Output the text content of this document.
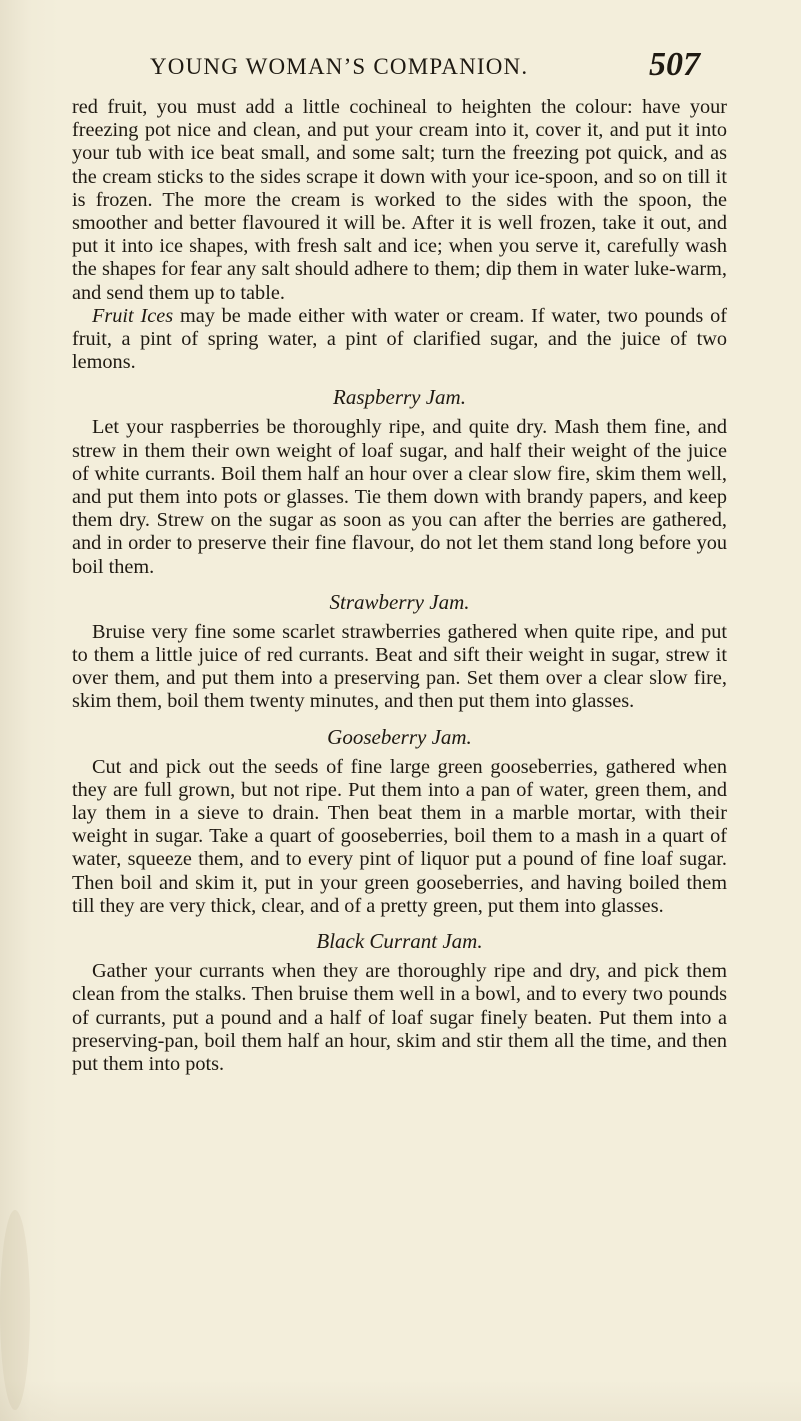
YOUNG WOMAN’S COMPANION.	507

red fruit, you must add a little cochineal to heighten the colour: have your freezing pot nice and clean, and put your cream into it, cover it, and put it into your tub with ice beat small, and some salt; turn the freezing pot quick, and as the cream sticks to the sides scrape it down with your ice-spoon, and so on till it is frozen. The more the cream is worked to the sides with the spoon, the smoother and better flavoured it will be. After it is well frozen, take it out, and put it into ice shapes, with fresh salt and ice; when you serve it, carefully wash the shapes for fear any salt should adhere to them; dip them in water luke-warm, and send them up to table.

Fruit Ices may be made either with water or cream. If water, two pounds of fruit, a pint of spring water, a pint of clarified sugar, and the juice of two lemons.

Raspberry Jam.

Let your raspberries be thoroughly ripe, and quite dry. Mash them fine, and strew in them their own weight of loaf sugar, and half their weight of the juice of white currants. Boil them half an hour over a clear slow fire, skim them well, and put them into pots or glasses. Tie them down with brandy papers, and keep them dry. Strew on the sugar as soon as you can after the berries are gathered, and in order to preserve their fine flavour, do not let them stand long before you boil them.

Strawberry Jam.

Bruise very fine some scarlet strawberries gathered when quite ripe, and put to them a little juice of red currants. Beat and sift their weight in sugar, strew it over them, and put them into a preserving pan. Set them over a clear slow fire, skim them, boil them twenty minutes, and then put them into glasses.

Gooseberry Jam.

Cut and pick out the seeds of fine large green gooseberries, gathered when they are full grown, but not ripe. Put them into a pan of water, green them, and lay them in a sieve to drain. Then beat them in a marble mortar, with their weight in sugar. Take a quart of gooseberries, boil them to a mash in a quart of water, squeeze them, and to every pint of liquor put a pound of fine loaf sugar. Then boil and skim it, put in your green gooseberries, and having boiled them till they are very thick, clear, and of a pretty green, put them into glasses.

Black Currant Jam.

Gather your currants when they are thoroughly ripe and dry, and pick them clean from the stalks. Then bruise them well in a bowl, and to every two pounds of currants, put a pound and a half of loaf sugar finely beaten. Put them into a preserving-pan, boil them half an hour, skim and stir them all the time, and then put them into pots.
